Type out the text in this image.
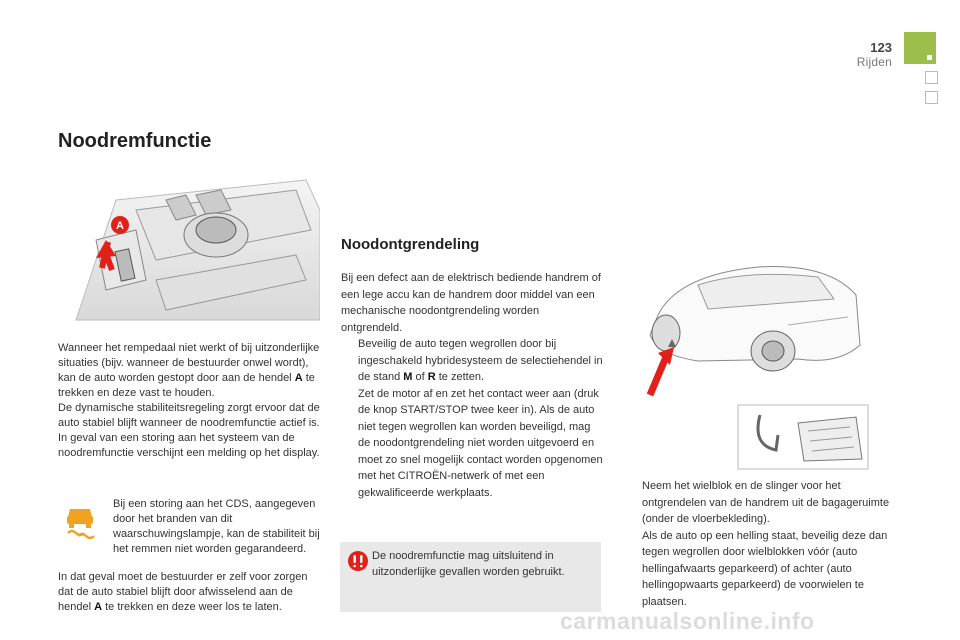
123
Rijden
Noodremfunctie
A
Wanneer het rempedaal niet werkt of bij uitzonderlijke situaties (bijv. wanneer de bestuurder onwel wordt), kan de auto worden gestopt door aan de hendel A te trekken en deze vast te houden.
De dynamische stabiliteitsregeling zorgt ervoor dat de auto stabiel blijft wanneer de noodremfunctie actief is.
In geval van een storing aan het systeem van de noodremfunctie verschijnt een melding op het display.
Bij een storing aan het CDS, aangegeven door het branden van dit waarschuwingslampje, kan de stabiliteit bij het remmen niet worden gegarandeerd.
In dat geval moet de bestuurder er zelf voor zorgen dat de auto stabiel blijft door afwisselend aan de hendel A te trekken en deze weer los te laten.
Noodontgrendeling
Bij een defect aan de elektrisch bediende handrem of een lege accu kan de handrem door middel van een mechanische noodontgrendeling worden ontgrendeld.
Beveilig de auto tegen wegrollen door bij ingeschakeld hybridesysteem de selectiehendel in de stand M of R te zetten.
Zet de motor af en zet het contact weer aan (druk de knop START/STOP twee keer in). Als de auto niet tegen wegrollen kan worden beveiligd, mag de noodontgrendeling niet worden uitgevoerd en moet zo snel mogelijk contact worden opgenomen met het CITROËN-netwerk of met een gekwalificeerde werkplaats.
De noodremfunctie mag uitsluitend in uitzonderlijke gevallen worden gebruikt.
Neem het wielblok en de slinger voor het ontgrendelen van de handrem uit de bagageruimte (onder de vloerbekleding).
Als de auto op een helling staat, beveilig deze dan tegen wegrollen door wielblokken vóór (auto hellingafwaarts geparkeerd) of achter (auto hellingopwaarts geparkeerd) de voorwielen te plaatsen.
carmanualsonline.info
